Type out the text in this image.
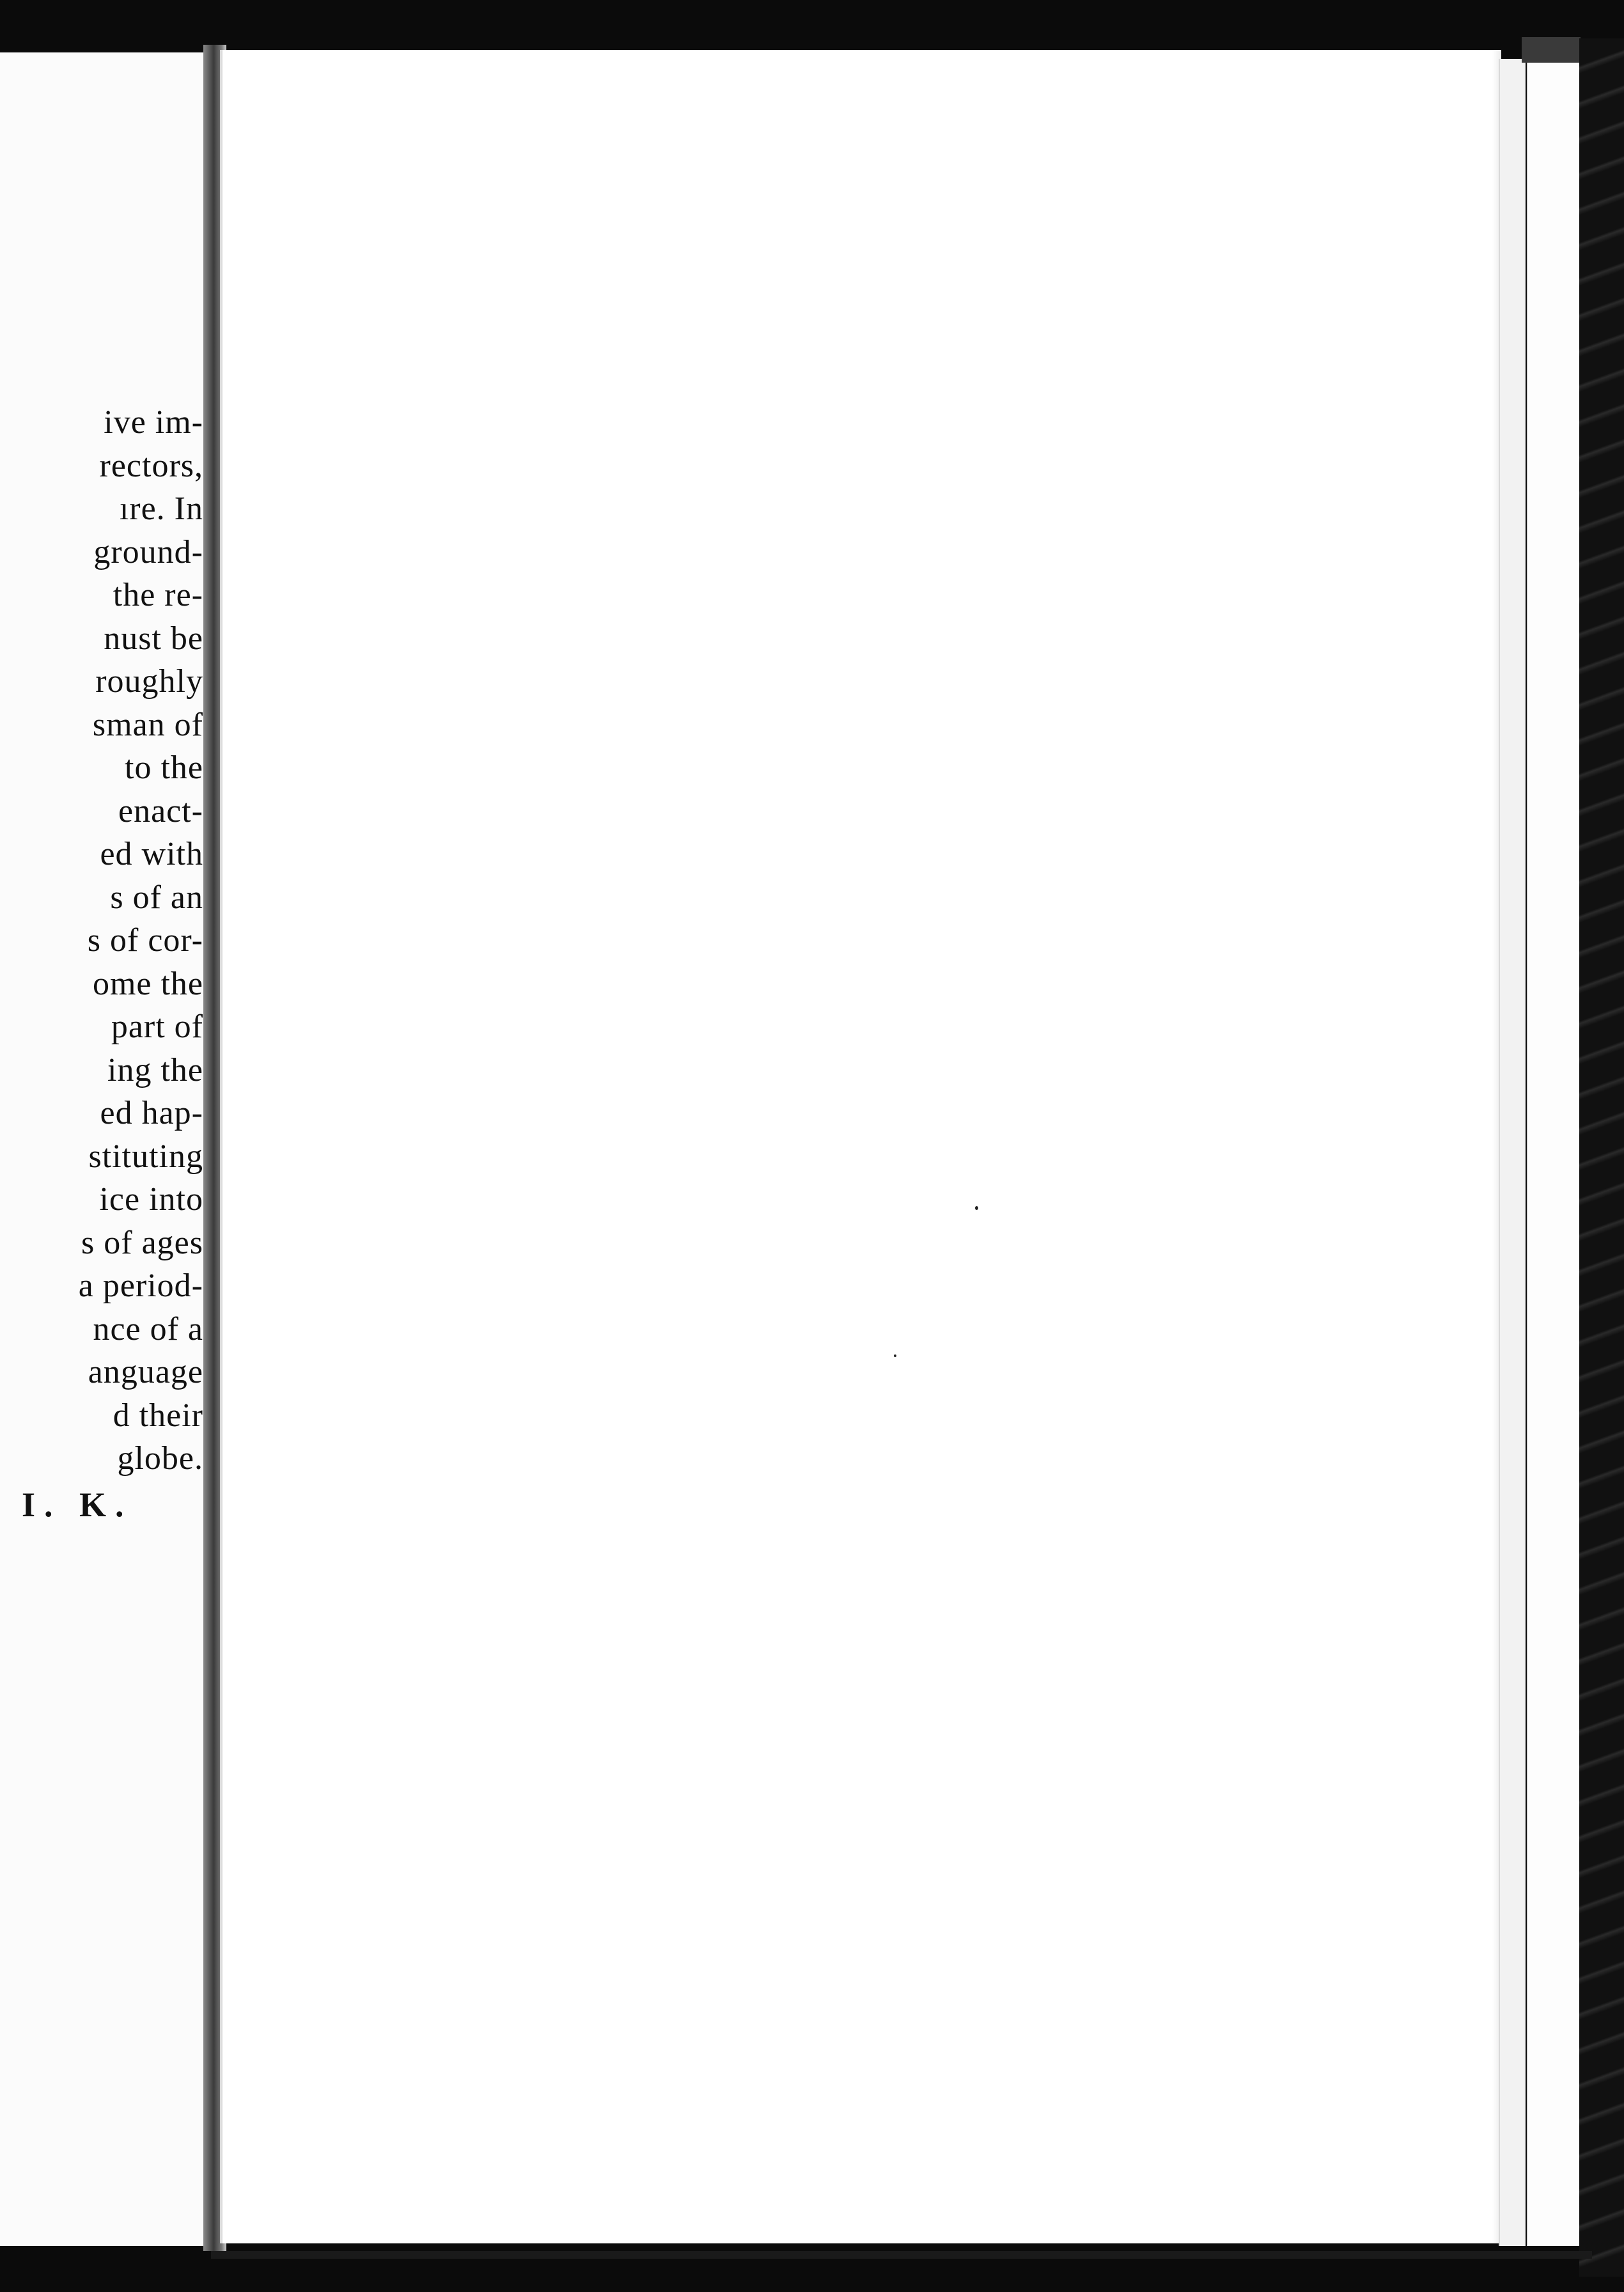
ive im-
rectors,
ıre. In
ground-
the re-
nust be
roughly
sman of
to the
enact-
ed with
s of an
s of cor-
ome the
part of
ing the
ed hap-
stituting
ice into
s of ages
a period-
nce of a
anguage
d their
globe.
I. K.
